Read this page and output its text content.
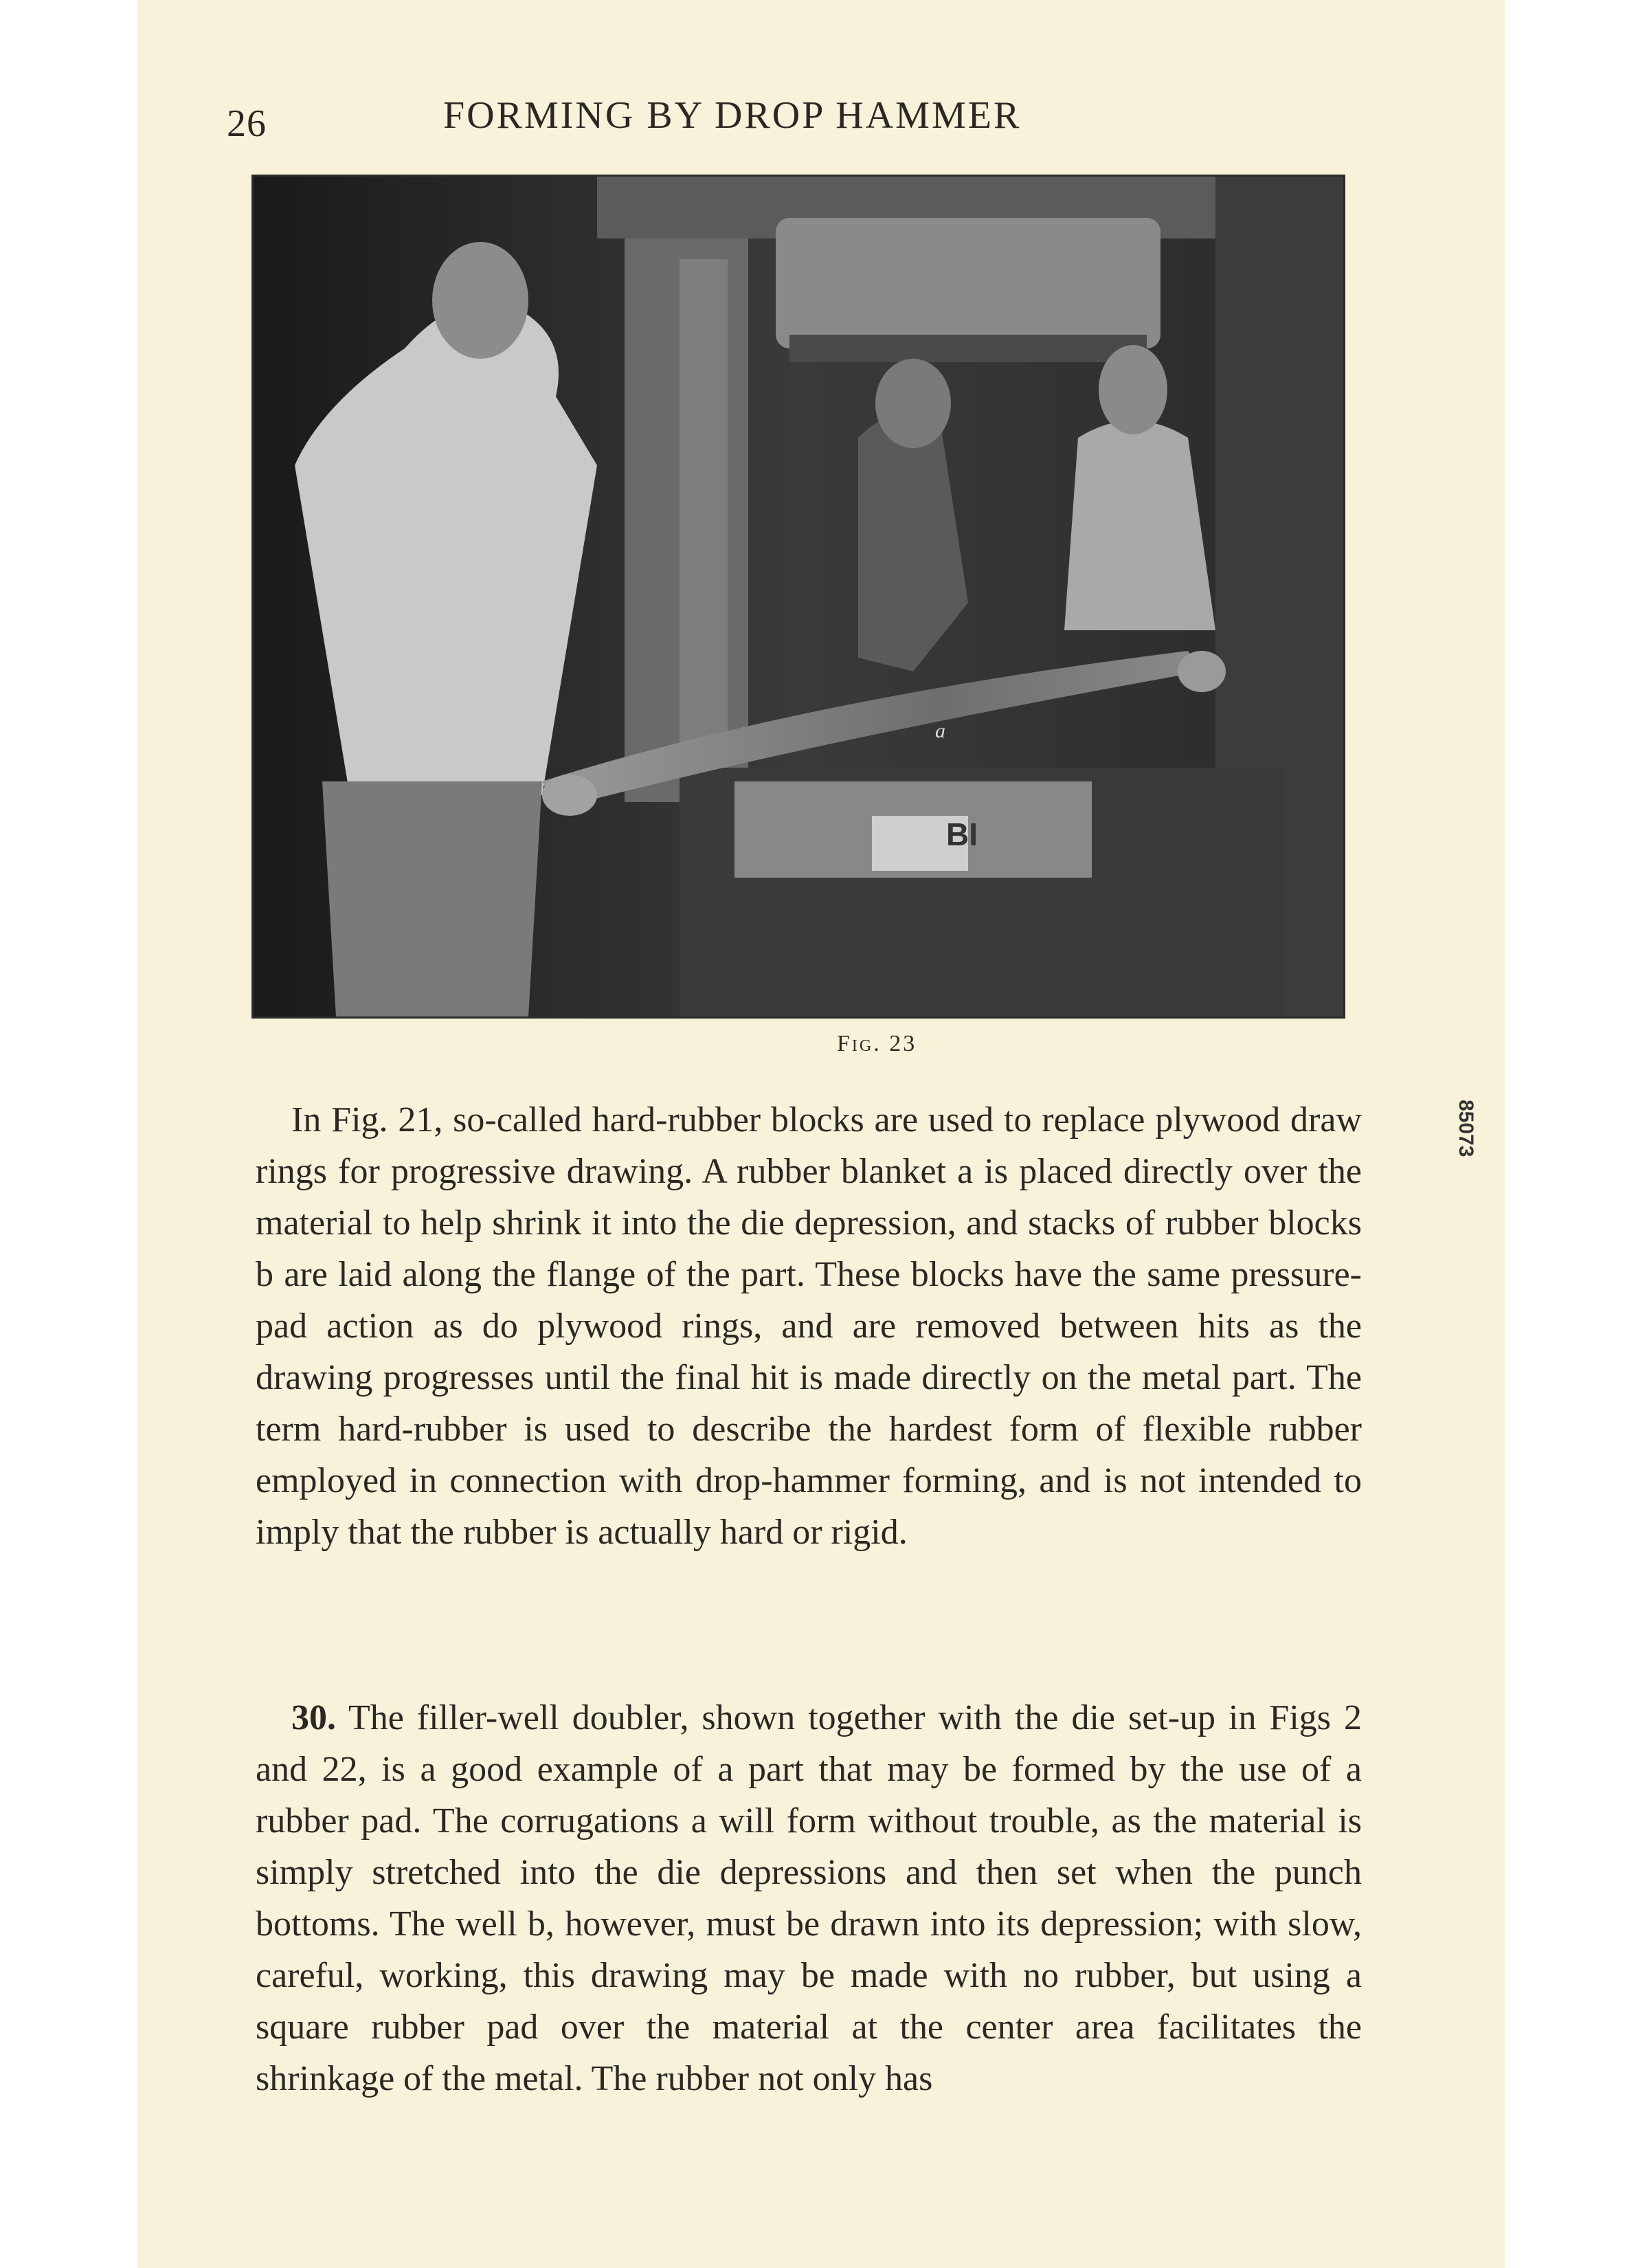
26	FORMING BY DROP HAMMER
a
BI
Fig. 23

In Fig. 21, so-called hard-rubber blocks are used to replace plywood draw rings for progressive drawing. A rubber blanket a is placed directly over the material to help shrink it into the die depression, and stacks of rubber blocks b are laid along the flange of the part. These blocks have the same pressure-pad action as do plywood rings, and are removed between hits as the drawing progresses until the final hit is made directly on the metal part. The term hard-rubber is used to describe the hardest form of flexible rubber employed in connection with drop-hammer forming, and is not intended to imply that the rubber is actually hard or rigid.

30. The filler-well doubler, shown together with the die set-up in Figs 2 and 22, is a good example of a part that may be formed by the use of a rubber pad. The corrugations a will form without trouble, as the material is simply stretched into the die depressions and then set when the punch bottoms. The well b, however, must be drawn into its depression; with slow, careful, working, this drawing may be made with no rubber, but using a square rubber pad over the material at the center area facilitates the shrinkage of the metal. The rubber not only has

85073
